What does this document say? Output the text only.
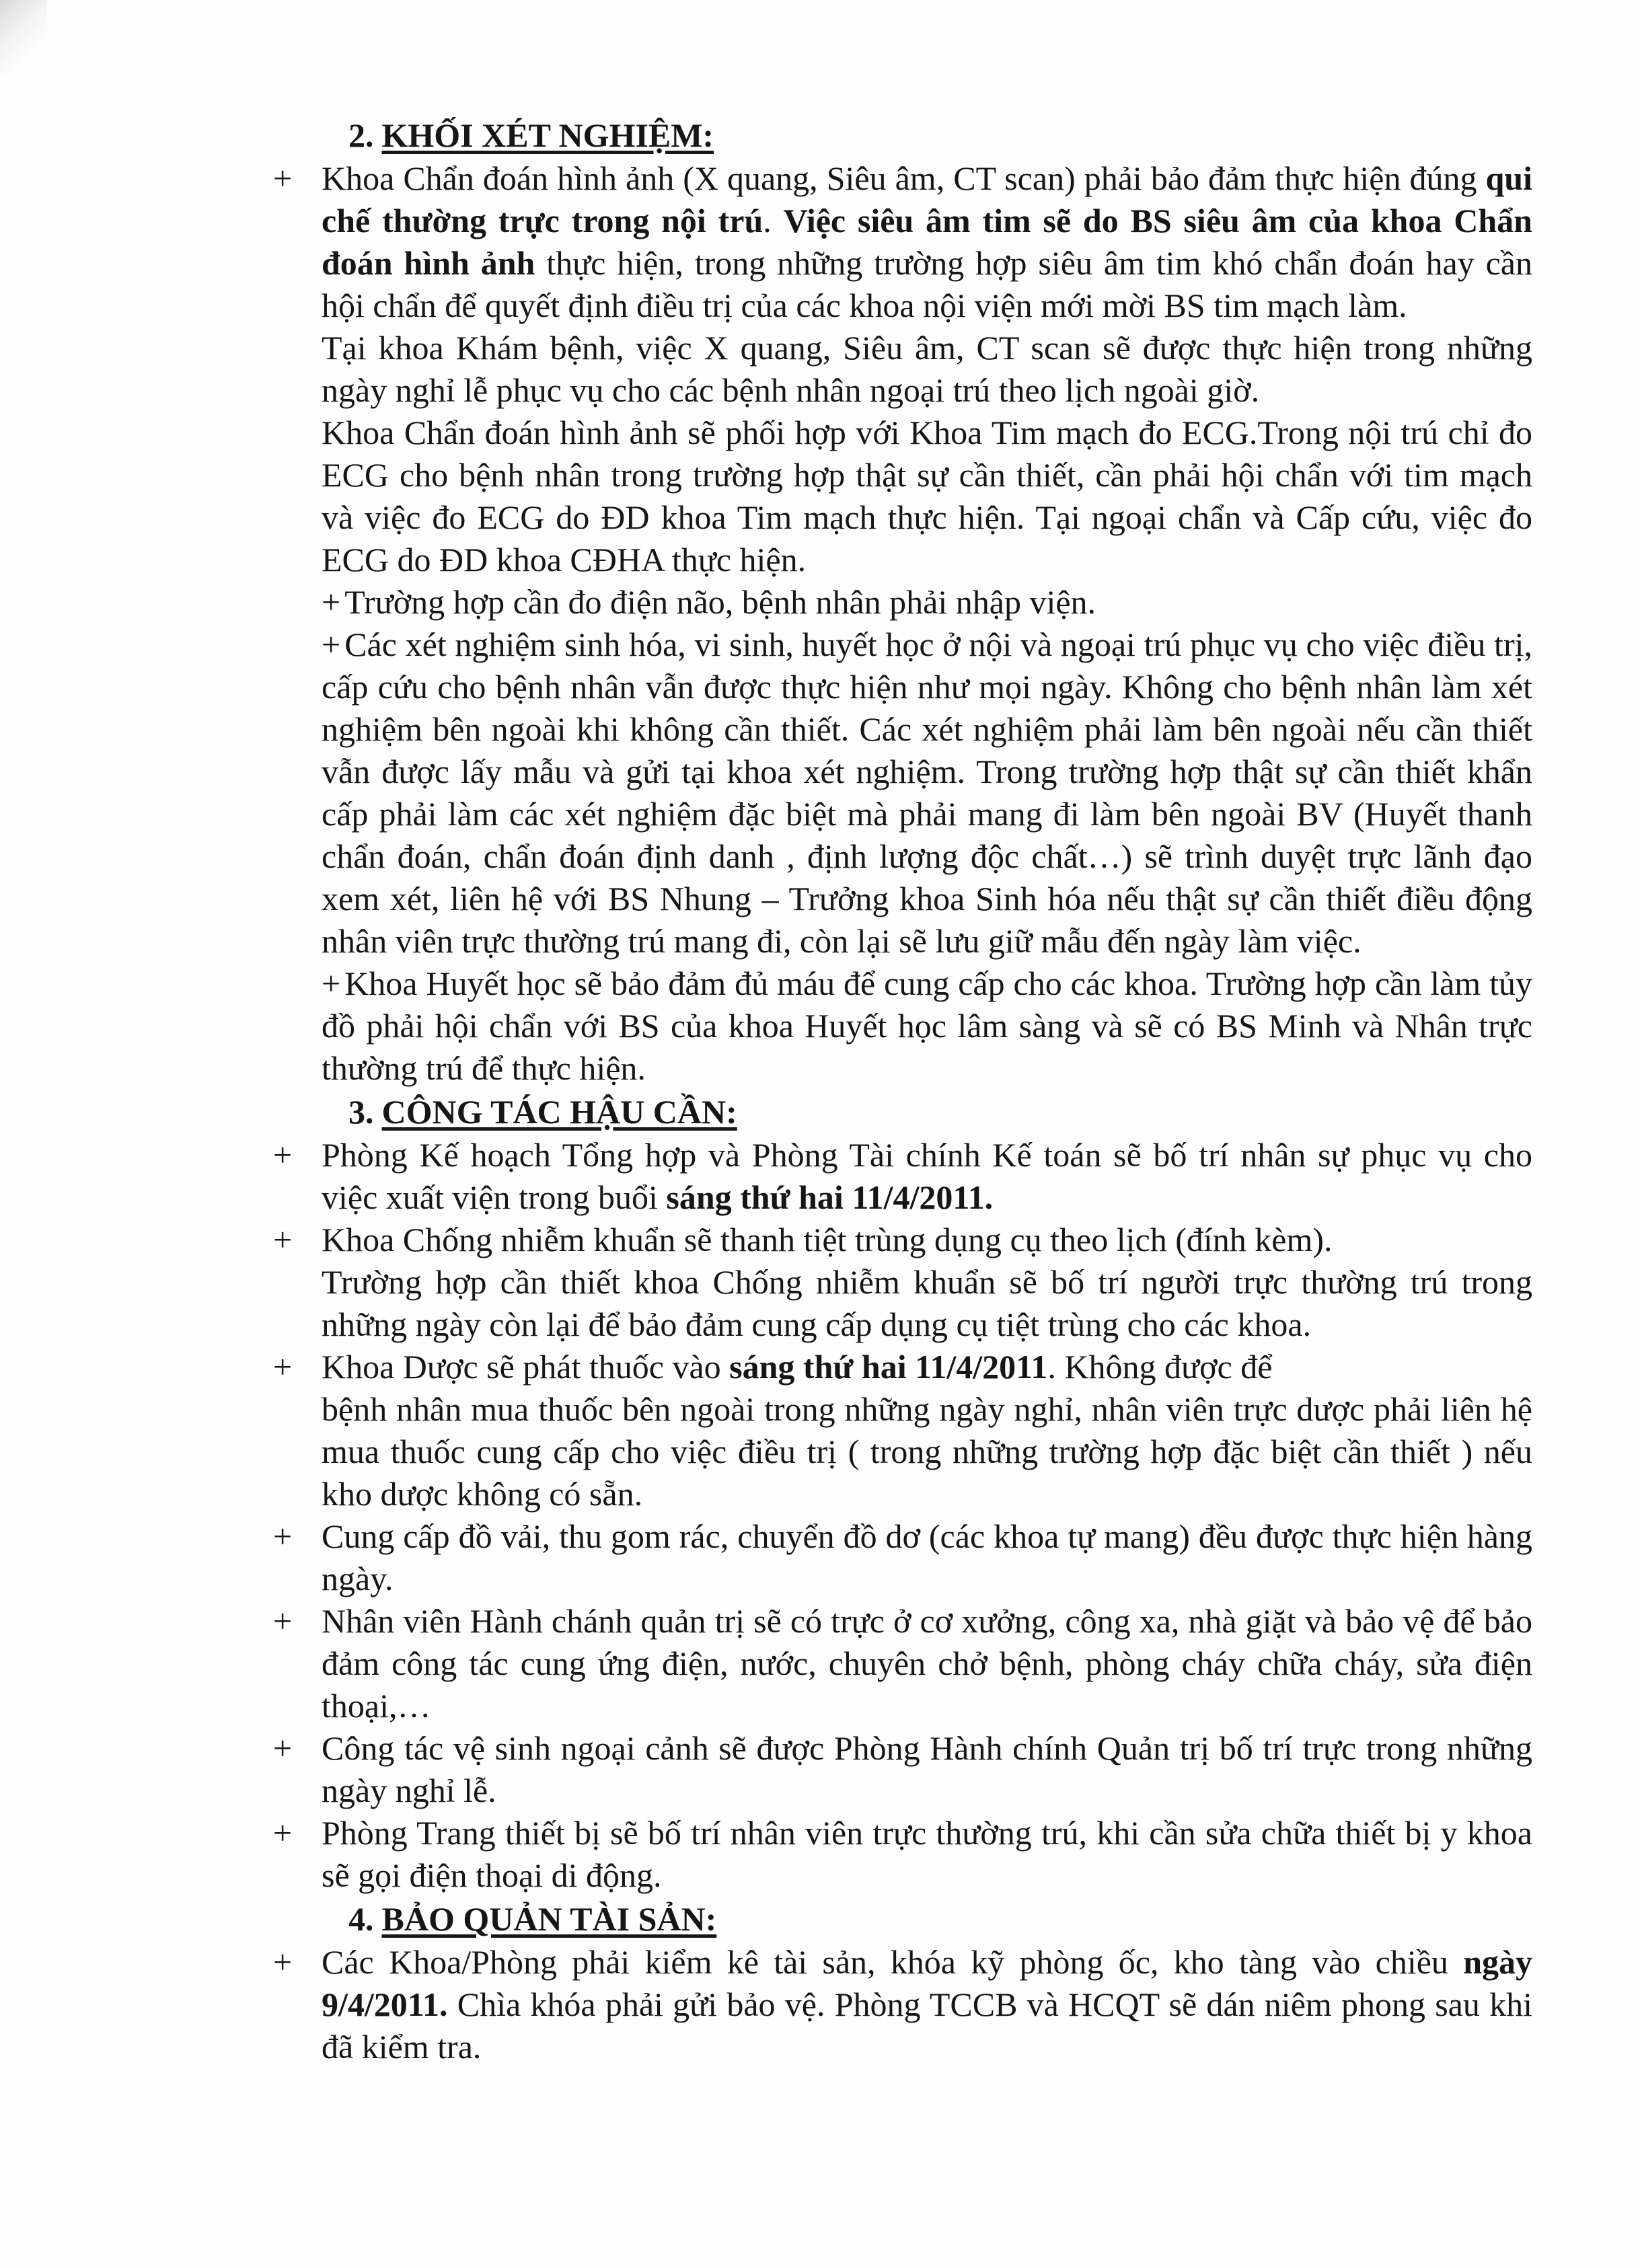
2. KHỐI XÉT NGHIỆM:

+ Khoa Chẩn đoán hình ảnh (X quang, Siêu âm, CT scan) phải bảo đảm thực hiện đúng qui chế thường trực trong nội trú. Việc siêu âm tim sẽ do BS siêu âm của khoa Chẩn đoán hình ảnh thực hiện, trong những trường hợp siêu âm tim khó chẩn đoán hay cần hội chẩn để quyết định điều trị của các khoa nội viện mới mời BS tim mạch làm.

Tại khoa Khám bệnh, việc X quang, Siêu âm, CT scan sẽ được thực hiện trong những ngày nghỉ lễ phục vụ cho các bệnh nhân ngoại trú theo lịch ngoài giờ.

Khoa Chẩn đoán hình ảnh sẽ phối hợp với Khoa Tim mạch đo ECG.Trong nội trú chỉ đo ECG cho bệnh nhân trong trường hợp thật sự cần thiết, cần phải hội chẩn với tim mạch và việc đo ECG do ĐD khoa Tim mạch thực hiện. Tại ngoại chẩn và Cấp cứu, việc đo ECG do ĐD khoa CĐHA thực hiện.

+ Trường hợp cần đo điện não, bệnh nhân phải nhập viện.

+ Các xét nghiệm sinh hóa, vi sinh, huyết học ở nội và ngoại trú phục vụ cho việc điều trị, cấp cứu cho bệnh nhân vẫn được thực hiện như mọi ngày. Không cho bệnh nhân làm xét nghiệm bên ngoài khi không cần thiết. Các xét nghiệm phải làm bên ngoài nếu cần thiết vẫn được lấy mẫu và gửi tại khoa xét nghiệm. Trong trường hợp thật sự cần thiết khẩn cấp phải làm các xét nghiệm đặc biệt mà phải mang đi làm bên ngoài BV (Huyết thanh chẩn đoán, chẩn đoán định danh , định lượng độc chất…) sẽ trình duyệt trực lãnh đạo xem xét, liên hệ với BS Nhung – Trưởng khoa Sinh hóa nếu thật sự cần thiết điều động nhân viên trực thường trú mang đi, còn lại sẽ lưu giữ mẫu đến ngày làm việc.

+ Khoa Huyết học sẽ bảo đảm đủ máu để cung cấp cho các khoa. Trường hợp cần làm tủy đồ phải hội chẩn với BS của khoa Huyết học lâm sàng và sẽ có BS Minh và Nhân trực thường trú để thực hiện.

3. CÔNG TÁC HẬU CẦN:

+ Phòng Kế hoạch Tổng hợp và Phòng Tài chính Kế toán sẽ bố trí nhân sự phục vụ cho việc xuất viện trong buổi sáng thứ hai 11/4/2011.

+ Khoa Chống nhiễm khuẩn sẽ thanh tiệt trùng dụng cụ theo lịch (đính kèm).

Trường hợp cần thiết khoa Chống nhiễm khuẩn sẽ bố trí người trực thường trú trong những ngày còn lại để bảo đảm cung cấp dụng cụ tiệt trùng cho các khoa.

+ Khoa Dược sẽ phát thuốc vào sáng thứ hai 11/4/2011. Không được để

bệnh nhân mua thuốc bên ngoài trong những ngày nghỉ, nhân viên trực dược phải liên hệ mua thuốc cung cấp cho việc điều trị ( trong những trường hợp đặc biệt cần thiết ) nếu kho dược không có sẵn.

+ Cung cấp đồ vải, thu gom rác, chuyển đồ dơ (các khoa tự mang) đều được thực hiện hàng ngày.

+ Nhân viên Hành chánh quản trị sẽ có trực ở cơ xưởng, công xa, nhà giặt và bảo vệ để bảo đảm công tác cung ứng điện, nước, chuyên chở bệnh, phòng cháy chữa cháy, sửa điện thoại,…

+ Công tác vệ sinh ngoại cảnh sẽ được Phòng Hành chính Quản trị bố trí trực trong những ngày nghỉ lễ.

+ Phòng Trang thiết bị sẽ bố trí nhân viên trực thường trú, khi cần sửa chữa thiết bị y khoa sẽ gọi điện thoại di động.

4. BẢO QUẢN TÀI SẢN:

+ Các Khoa/Phòng phải kiểm kê tài sản, khóa kỹ phòng ốc, kho tàng vào chiều ngày 9/4/2011. Chìa khóa phải gửi bảo vệ. Phòng TCCB và HCQT sẽ dán niêm phong sau khi đã kiểm tra.
